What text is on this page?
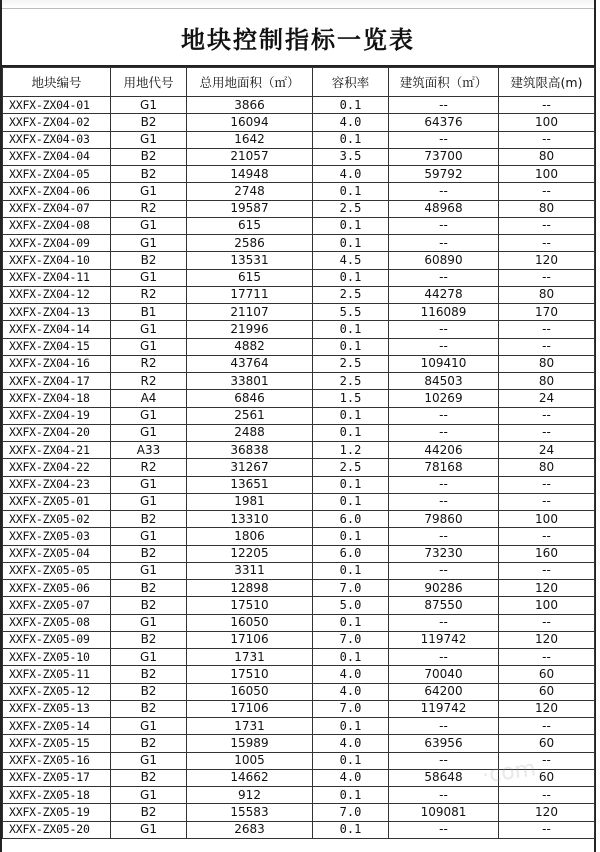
地块控制指标一览表
地块编号	用地代号	总用地面积（㎡）	容积率	建筑面积（㎡）	建筑限高(m)
XXFX-ZX04-01	G1	3866	0.1	--	--
XXFX-ZX04-02	B2	16094	4.0	64376	100
XXFX-ZX04-03	G1	1642	0.1	--	--
XXFX-ZX04-04	B2	21057	3.5	73700	80
XXFX-ZX04-05	B2	14948	4.0	59792	100
XXFX-ZX04-06	G1	2748	0.1	--	--
XXFX-ZX04-07	R2	19587	2.5	48968	80
XXFX-ZX04-08	G1	615	0.1	--	--
XXFX-ZX04-09	G1	2586	0.1	--	--
XXFX-ZX04-10	B2	13531	4.5	60890	120
XXFX-ZX04-11	G1	615	0.1	--	--
XXFX-ZX04-12	R2	17711	2.5	44278	80
XXFX-ZX04-13	B1	21107	5.5	116089	170
XXFX-ZX04-14	G1	21996	0.1	--	--
XXFX-ZX04-15	G1	4882	0.1	--	--
XXFX-ZX04-16	R2	43764	2.5	109410	80
XXFX-ZX04-17	R2	33801	2.5	84503	80
XXFX-ZX04-18	A4	6846	1.5	10269	24
XXFX-ZX04-19	G1	2561	0.1	--	--
XXFX-ZX04-20	G1	2488	0.1	--	--
XXFX-ZX04-21	A33	36838	1.2	44206	24
XXFX-ZX04-22	R2	31267	2.5	78168	80
XXFX-ZX04-23	G1	13651	0.1	--	--
XXFX-ZX05-01	G1	1981	0.1	--	--
XXFX-ZX05-02	B2	13310	6.0	79860	100
XXFX-ZX05-03	G1	1806	0.1	--	--
XXFX-ZX05-04	B2	12205	6.0	73230	160
XXFX-ZX05-05	G1	3311	0.1	--	--
XXFX-ZX05-06	B2	12898	7.0	90286	120
XXFX-ZX05-07	B2	17510	5.0	87550	100
XXFX-ZX05-08	G1	16050	0.1	--	--
XXFX-ZX05-09	B2	17106	7.0	119742	120
XXFX-ZX05-10	G1	1731	0.1	--	--
XXFX-ZX05-11	B2	17510	4.0	70040	60
XXFX-ZX05-12	B2	16050	4.0	64200	60
XXFX-ZX05-13	B2	17106	7.0	119742	120
XXFX-ZX05-14	G1	1731	0.1	--	--
XXFX-ZX05-15	B2	15989	4.0	63956	60
XXFX-ZX05-16	G1	1005	0.1	--	--
XXFX-ZX05-17	B2	14662	4.0	58648	60
XXFX-ZX05-18	G1	912	0.1	--	--
XXFX-ZX05-19	B2	15583	7.0	109081	120
XXFX-ZX05-20	G1	2683	0.1	--	--
·com
